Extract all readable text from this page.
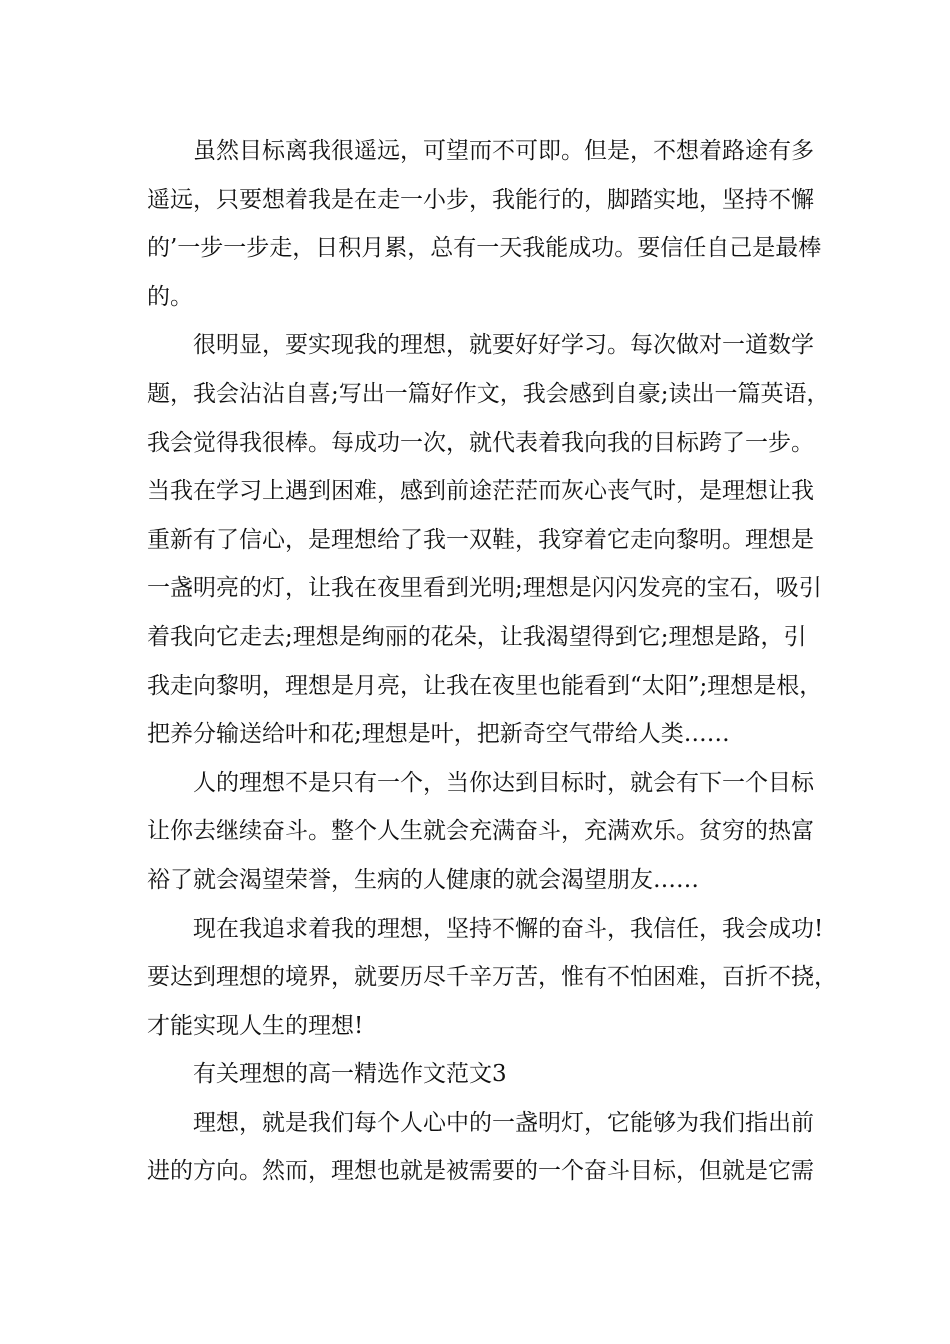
虽然目标离我很遥远，可望而不可即。但是，不想着路途有多
遥远，只要想着我是在走一小步，我能行的，脚踏实地，坚持不懈
的’一步一步走，日积月累，总有一天我能成功。要信任自己是最棒
的。
很明显，要实现我的理想，就要好好学习。每次做对一道数学
题，我会沾沾自喜;写出一篇好作文，我会感到自豪;读出一篇英语，
我会觉得我很棒。每成功一次，就代表着我向我的目标跨了一步。
当我在学习上遇到困难，感到前途茫茫而灰心丧气时，是理想让我
重新有了信心，是理想给了我一双鞋，我穿着它走向黎明。理想是
一盏明亮的灯，让我在夜里看到光明;理想是闪闪发亮的宝石，吸引
着我向它走去;理想是绚丽的花朵，让我渴望得到它;理想是路，引
我走向黎明，理想是月亮，让我在夜里也能看到“太阳”;理想是根，
把养分输送给叶和花;理想是叶，把新奇空气带给人类……
人的理想不是只有一个，当你达到目标时，就会有下一个目标
让你去继续奋斗。整个人生就会充满奋斗，充满欢乐。贫穷的热富
裕了就会渴望荣誉，生病的人健康的就会渴望朋友……
现在我追求着我的理想，坚持不懈的奋斗，我信任，我会成功!
要达到理想的境界，就要历尽千辛万苦，惟有不怕困难，百折不挠，
才能实现人生的理想!
有关理想的高一精选作文范文3
理想，就是我们每个人心中的一盏明灯，它能够为我们指出前
进的方向。然而，理想也就是被需要的一个奋斗目标，但就是它需
